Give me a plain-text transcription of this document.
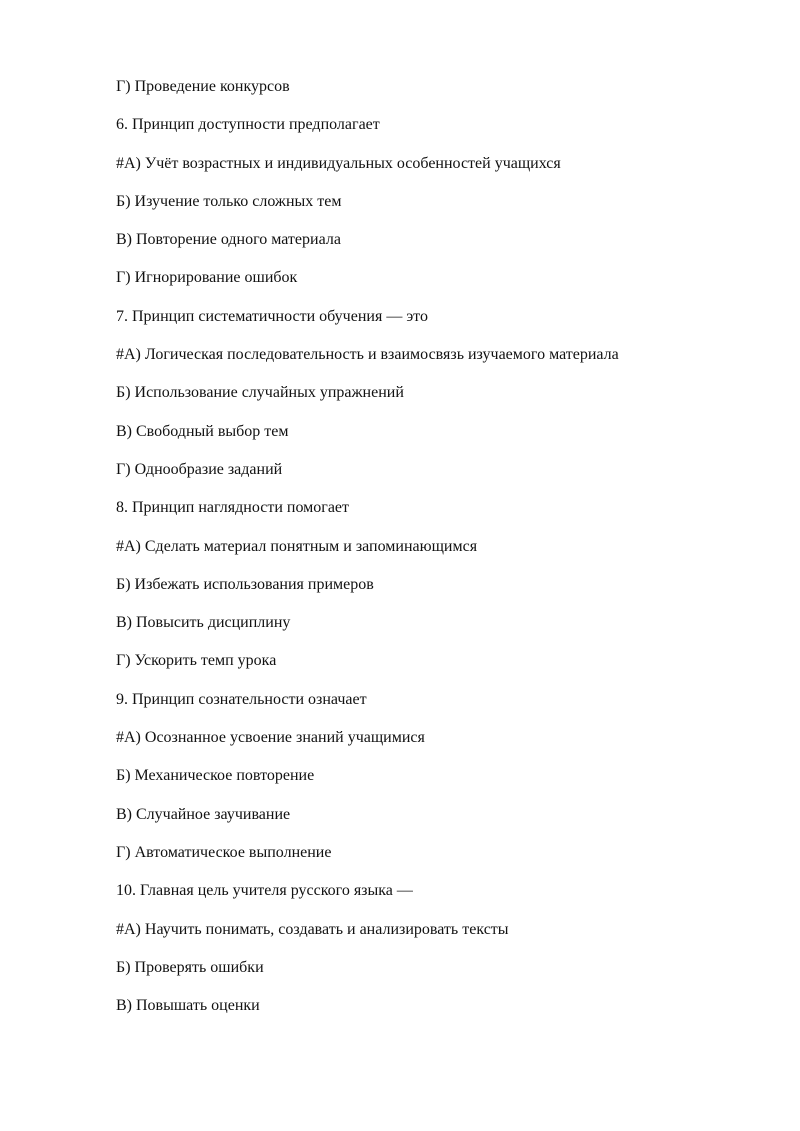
Г) Проведение конкурсов
6. Принцип доступности предполагает
#А) Учёт возрастных и индивидуальных особенностей учащихся
Б) Изучение только сложных тем
В) Повторение одного материала
Г) Игнорирование ошибок
7. Принцип систематичности обучения — это
#А) Логическая последовательность и взаимосвязь изучаемого материала
Б) Использование случайных упражнений
В) Свободный выбор тем
Г) Однообразие заданий
8. Принцип наглядности помогает
#А) Сделать материал понятным и запоминающимся
Б) Избежать использования примеров
В) Повысить дисциплину
Г) Ускорить темп урока
9. Принцип сознательности означает
#А) Осознанное усвоение знаний учащимися
Б) Механическое повторение
В) Случайное заучивание
Г) Автоматическое выполнение
10. Главная цель учителя русского языка —
#А) Научить понимать, создавать и анализировать тексты
Б) Проверять ошибки
В) Повышать оценки
